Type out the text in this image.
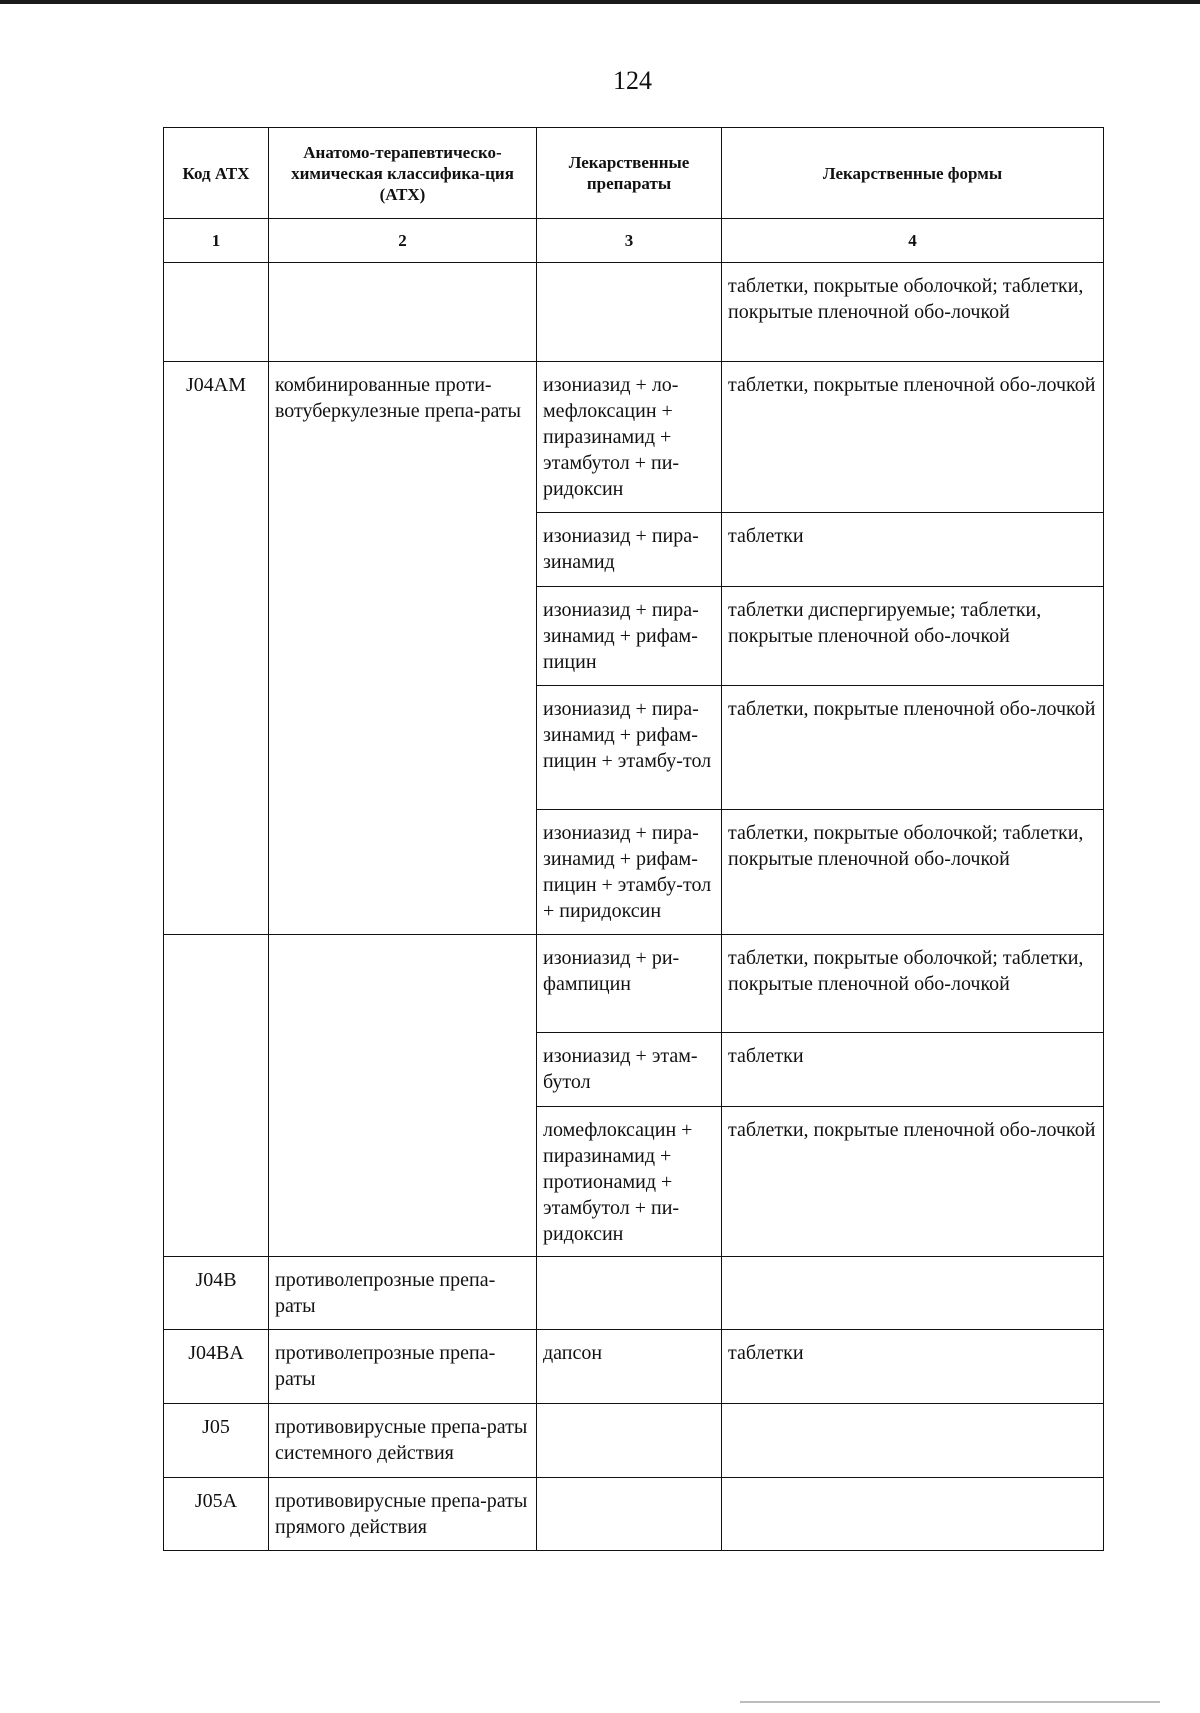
124
Код ATX	Анатомо-терапевтическо-химическая классифика-ция (АТХ)	Лекарственные препараты	Лекарственные формы
1	2	3	4
			таблетки, покрытые оболочкой; таблетки, покрытые пленочной обо-лочкой
J04AM	комбинированные проти-вотуберкулезные препа-раты	изониазид + ло-мефлоксацин + пиразинамид + этамбутол + пи-ридоксин	таблетки, покрытые пленочной обо-лочкой
		изониазид + пира-зинамид	таблетки
		изониазид + пира-зинамид + рифам-пицин	таблетки диспергируемые; таблетки, покрытые пленочной обо-лочкой
		изониазид + пира-зинамид + рифам-пицин + этамбу-тол	таблетки, покрытые пленочной обо-лочкой
		изониазид + пира-зинамид + рифам-пицин + этамбу-тол + пиридоксин	таблетки, покрытые оболочкой; таблетки, покрытые пленочной обо-лочкой
		изониазид + ри-фампицин	таблетки, покрытые оболочкой; таблетки, покрытые пленочной обо-лочкой
		изониазид + этам-бутол	таблетки
		ломефлоксацин + пиразинамид + протионамид + этамбутол + пи-ридоксин	таблетки, покрытые пленочной обо-лочкой
J04B	противолепрозные препа-раты		
J04BA	противолепрозные препа-раты	дапсон	таблетки
J05	противовирусные препа-раты системного действия		
J05A	противовирусные препа-раты прямого действия		
